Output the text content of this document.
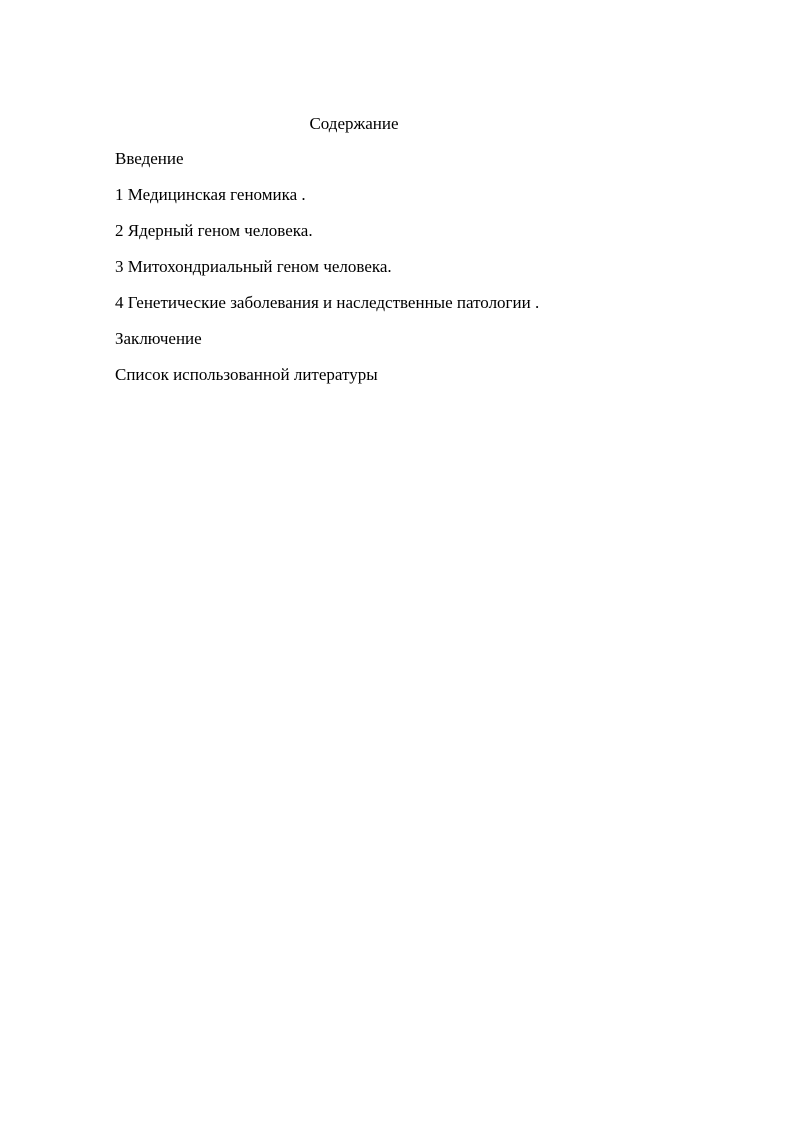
Содержание
Введение
1 Медицинская геномика .
2 Ядерный геном человека.
3 Митохондриальный геном человека.
4 Генетические заболевания и наследственные патологии .
Заключение
Список использованной литературы
